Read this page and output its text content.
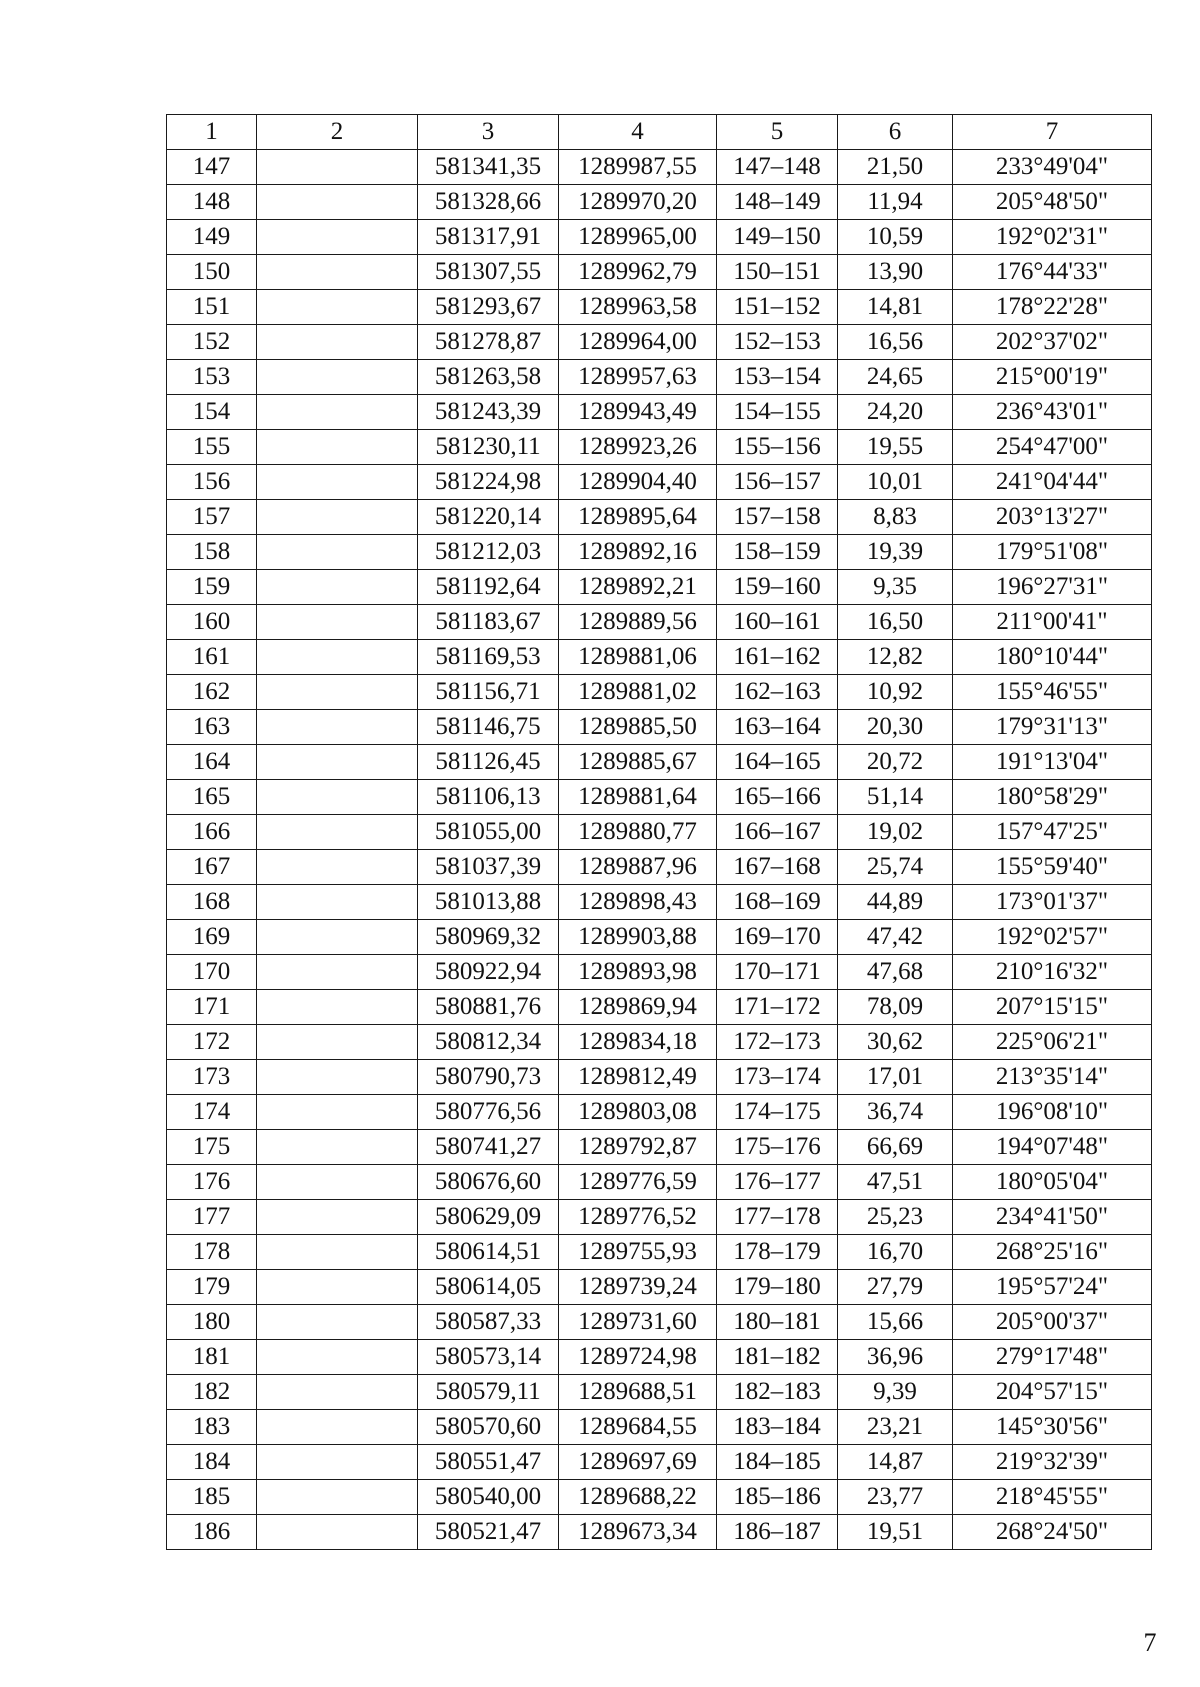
1	2	3	4	5	6	7
147		581341,35	1289987,55	147–148	21,50	233°49'04"
148		581328,66	1289970,20	148–149	11,94	205°48'50"
149		581317,91	1289965,00	149–150	10,59	192°02'31"
150		581307,55	1289962,79	150–151	13,90	176°44'33"
151		581293,67	1289963,58	151–152	14,81	178°22'28"
152		581278,87	1289964,00	152–153	16,56	202°37'02"
153		581263,58	1289957,63	153–154	24,65	215°00'19"
154		581243,39	1289943,49	154–155	24,20	236°43'01"
155		581230,11	1289923,26	155–156	19,55	254°47'00"
156		581224,98	1289904,40	156–157	10,01	241°04'44"
157		581220,14	1289895,64	157–158	8,83	203°13'27"
158		581212,03	1289892,16	158–159	19,39	179°51'08"
159		581192,64	1289892,21	159–160	9,35	196°27'31"
160		581183,67	1289889,56	160–161	16,50	211°00'41"
161		581169,53	1289881,06	161–162	12,82	180°10'44"
162		581156,71	1289881,02	162–163	10,92	155°46'55"
163		581146,75	1289885,50	163–164	20,30	179°31'13"
164		581126,45	1289885,67	164–165	20,72	191°13'04"
165		581106,13	1289881,64	165–166	51,14	180°58'29"
166		581055,00	1289880,77	166–167	19,02	157°47'25"
167		581037,39	1289887,96	167–168	25,74	155°59'40"
168		581013,88	1289898,43	168–169	44,89	173°01'37"
169		580969,32	1289903,88	169–170	47,42	192°02'57"
170		580922,94	1289893,98	170–171	47,68	210°16'32"
171		580881,76	1289869,94	171–172	78,09	207°15'15"
172		580812,34	1289834,18	172–173	30,62	225°06'21"
173		580790,73	1289812,49	173–174	17,01	213°35'14"
174		580776,56	1289803,08	174–175	36,74	196°08'10"
175		580741,27	1289792,87	175–176	66,69	194°07'48"
176		580676,60	1289776,59	176–177	47,51	180°05'04"
177		580629,09	1289776,52	177–178	25,23	234°41'50"
178		580614,51	1289755,93	178–179	16,70	268°25'16"
179		580614,05	1289739,24	179–180	27,79	195°57'24"
180		580587,33	1289731,60	180–181	15,66	205°00'37"
181		580573,14	1289724,98	181–182	36,96	279°17'48"
182		580579,11	1289688,51	182–183	9,39	204°57'15"
183		580570,60	1289684,55	183–184	23,21	145°30'56"
184		580551,47	1289697,69	184–185	14,87	219°32'39"
185		580540,00	1289688,22	185–186	23,77	218°45'55"
186		580521,47	1289673,34	186–187	19,51	268°24'50"
7
